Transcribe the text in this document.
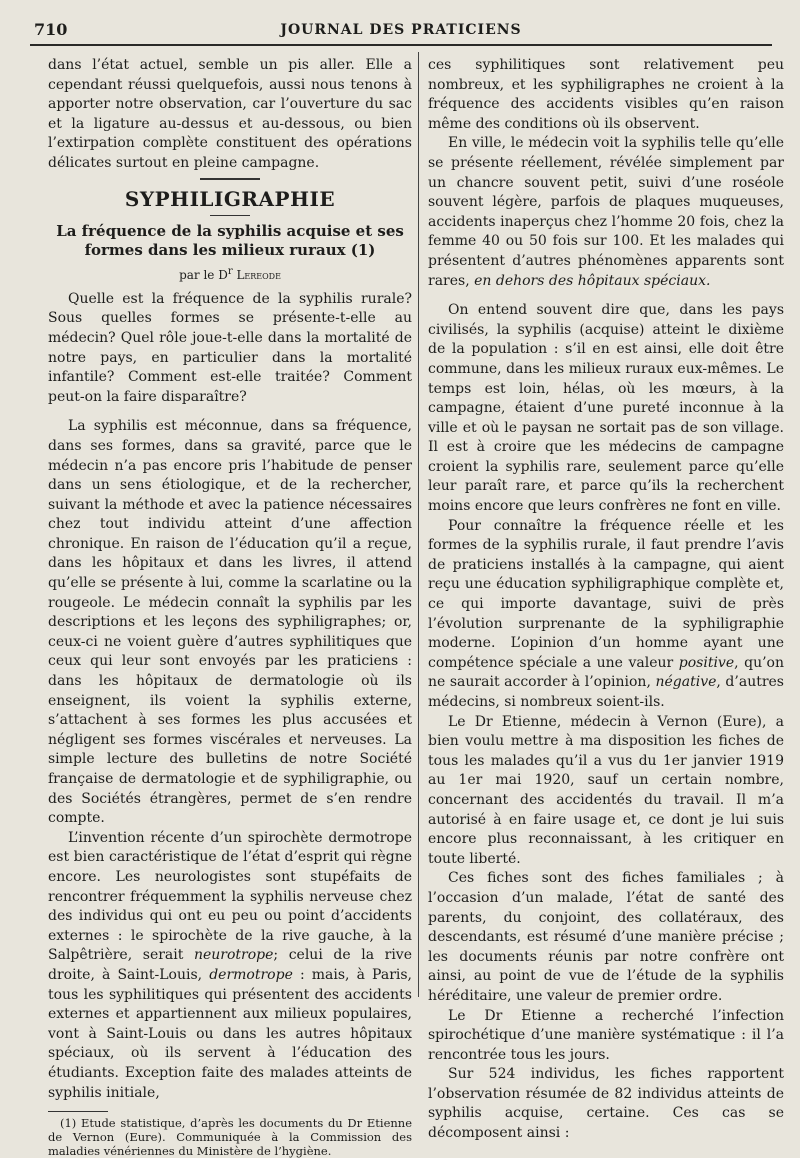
710	JOURNAL DES PRATICIENS

dans l’état actuel, semble un pis aller. Elle a cependant réussi quelquefois, aussi nous tenons à apporter notre observation, car l’ouverture du sac et la ligature au-dessus et au-dessous, ou bien l’extirpation complète constituent des opérations délicates surtout en pleine campagne.

SYPHILIGRAPHIE
La fréquence de la syphilis acquise et ses formes dans les milieux ruraux (1)
par le $D^r$ Lereode

Quelle est la fréquence de la syphilis rurale? Sous quelles formes se présente-t-elle au médecin? Quel rôle joue-t-elle dans la mortalité de notre pays, en particulier dans la mortalité infantile? Comment est-elle traitée? Comment peut-on la faire disparaître?

La syphilis est méconnue, dans sa fréquence, dans ses formes, dans sa gravité, parce que le médecin n’a pas encore pris l’habitude de penser dans un sens étiologique, et de la rechercher, suivant la méthode et avec la patience nécessaires chez tout individu atteint d’une affection chronique. En raison de l’éducation qu’il a reçue, dans les hôpitaux et dans les livres, il attend qu’elle se présente à lui, comme la scarlatine ou la rougeole. Le médecin connaît la syphilis par les descriptions et les leçons des syphiligraphes; or, ceux-ci ne voient guère d’autres syphilitiques que ceux qui leur sont envoyés par les praticiens : dans les hôpitaux de dermatologie où ils enseignent, ils voient la syphilis externe, s’attachent à ses formes les plus accusées et négligent ses formes viscérales et nerveuses. La simple lecture des bulletins de notre Société française de dermatologie et de syphiligraphie, ou des Sociétés étrangères, permet de s’en rendre compte.

L’invention récente d’un spirochète dermotrope est bien caractéristique de l’état d’esprit qui règne encore. Les neurologistes sont stupéfaits de rencontrer fréquemment la syphilis nerveuse chez des individus qui ont eu peu ou point d’accidents externes : le spirochète de la rive gauche, à la Salpêtrière, serait neurotrope; celui de la rive droite, à Saint-Louis, dermotrope : mais, à Paris, tous les syphilitiques qui présentent des accidents externes et appartiennent aux milieux populaires, vont à Saint-Louis ou dans les autres hôpitaux spéciaux, où ils servent à l’éducation des étudiants. Exception faite des malades atteints de syphilis initiale,

(1) Etude statistique, d’après les documents du Dr Etienne de Vernon (Eure). Communiquée à la Commission des maladies vénériennes du Ministère de l’hygiène.

ces syphilitiques sont relativement peu nombreux, et les syphiligraphes ne croient à la fréquence des accidents visibles qu’en raison même des conditions où ils observent.

En ville, le médecin voit la syphilis telle qu’elle se présente réellement, révélée simplement par un chancre souvent petit, suivi d’une roséole souvent légère, parfois de plaques muqueuses, accidents inaperçus chez l’homme 20 fois, chez la femme 40 ou 50 fois sur 100. Et les malades qui présentent d’autres phénomènes apparents sont rares, en dehors des hôpitaux spéciaux.

On entend souvent dire que, dans les pays civilisés, la syphilis (acquise) atteint le dixième de la population : s’il en est ainsi, elle doit être commune, dans les milieux ruraux eux-mêmes. Le temps est loin, hélas, où les mœurs, à la campagne, étaient d’une pureté inconnue à la ville et où le paysan ne sortait pas de son village. Il est à croire que les médecins de campagne croient la syphilis rare, seulement parce qu’elle leur paraît rare, et parce qu’ils la recherchent moins encore que leurs confrères ne font en ville.

Pour connaître la fréquence réelle et les formes de la syphilis rurale, il faut prendre l’avis de praticiens installés à la campagne, qui aient reçu une éducation syphiligraphique complète et, ce qui importe davantage, suivi de près l’évolution surprenante de la syphiligraphie moderne. L’opinion d’un homme ayant une compétence spéciale a une valeur positive, qu’on ne saurait accorder à l’opinion, négative, d’autres médecins, si nombreux soient-ils.

Le Dr Etienne, médecin à Vernon (Eure), a bien voulu mettre à ma disposition les fiches de tous les malades qu’il a vus du 1er janvier 1919 au 1er mai 1920, sauf un certain nombre, concernant des accidentés du travail. Il m’a autorisé à en faire usage et, ce dont je lui suis encore plus reconnaissant, à les critiquer en toute liberté.

Ces fiches sont des fiches familiales ; à l’occasion d’un malade, l’état de santé des parents, du conjoint, des collatéraux, des descendants, est résumé d’une manière précise ; les documents réunis par notre confrère ont ainsi, au point de vue de l’étude de la syphilis héréditaire, une valeur de premier ordre.

Le Dr Etienne a recherché l’infection spirochétique d’une manière systématique : il l’a rencontrée tous les jours.

Sur 524 individus, les fiches rapportent l’observation résumée de 82 individus atteints de syphilis acquise, certaine. Ces cas se décomposent ainsi :
